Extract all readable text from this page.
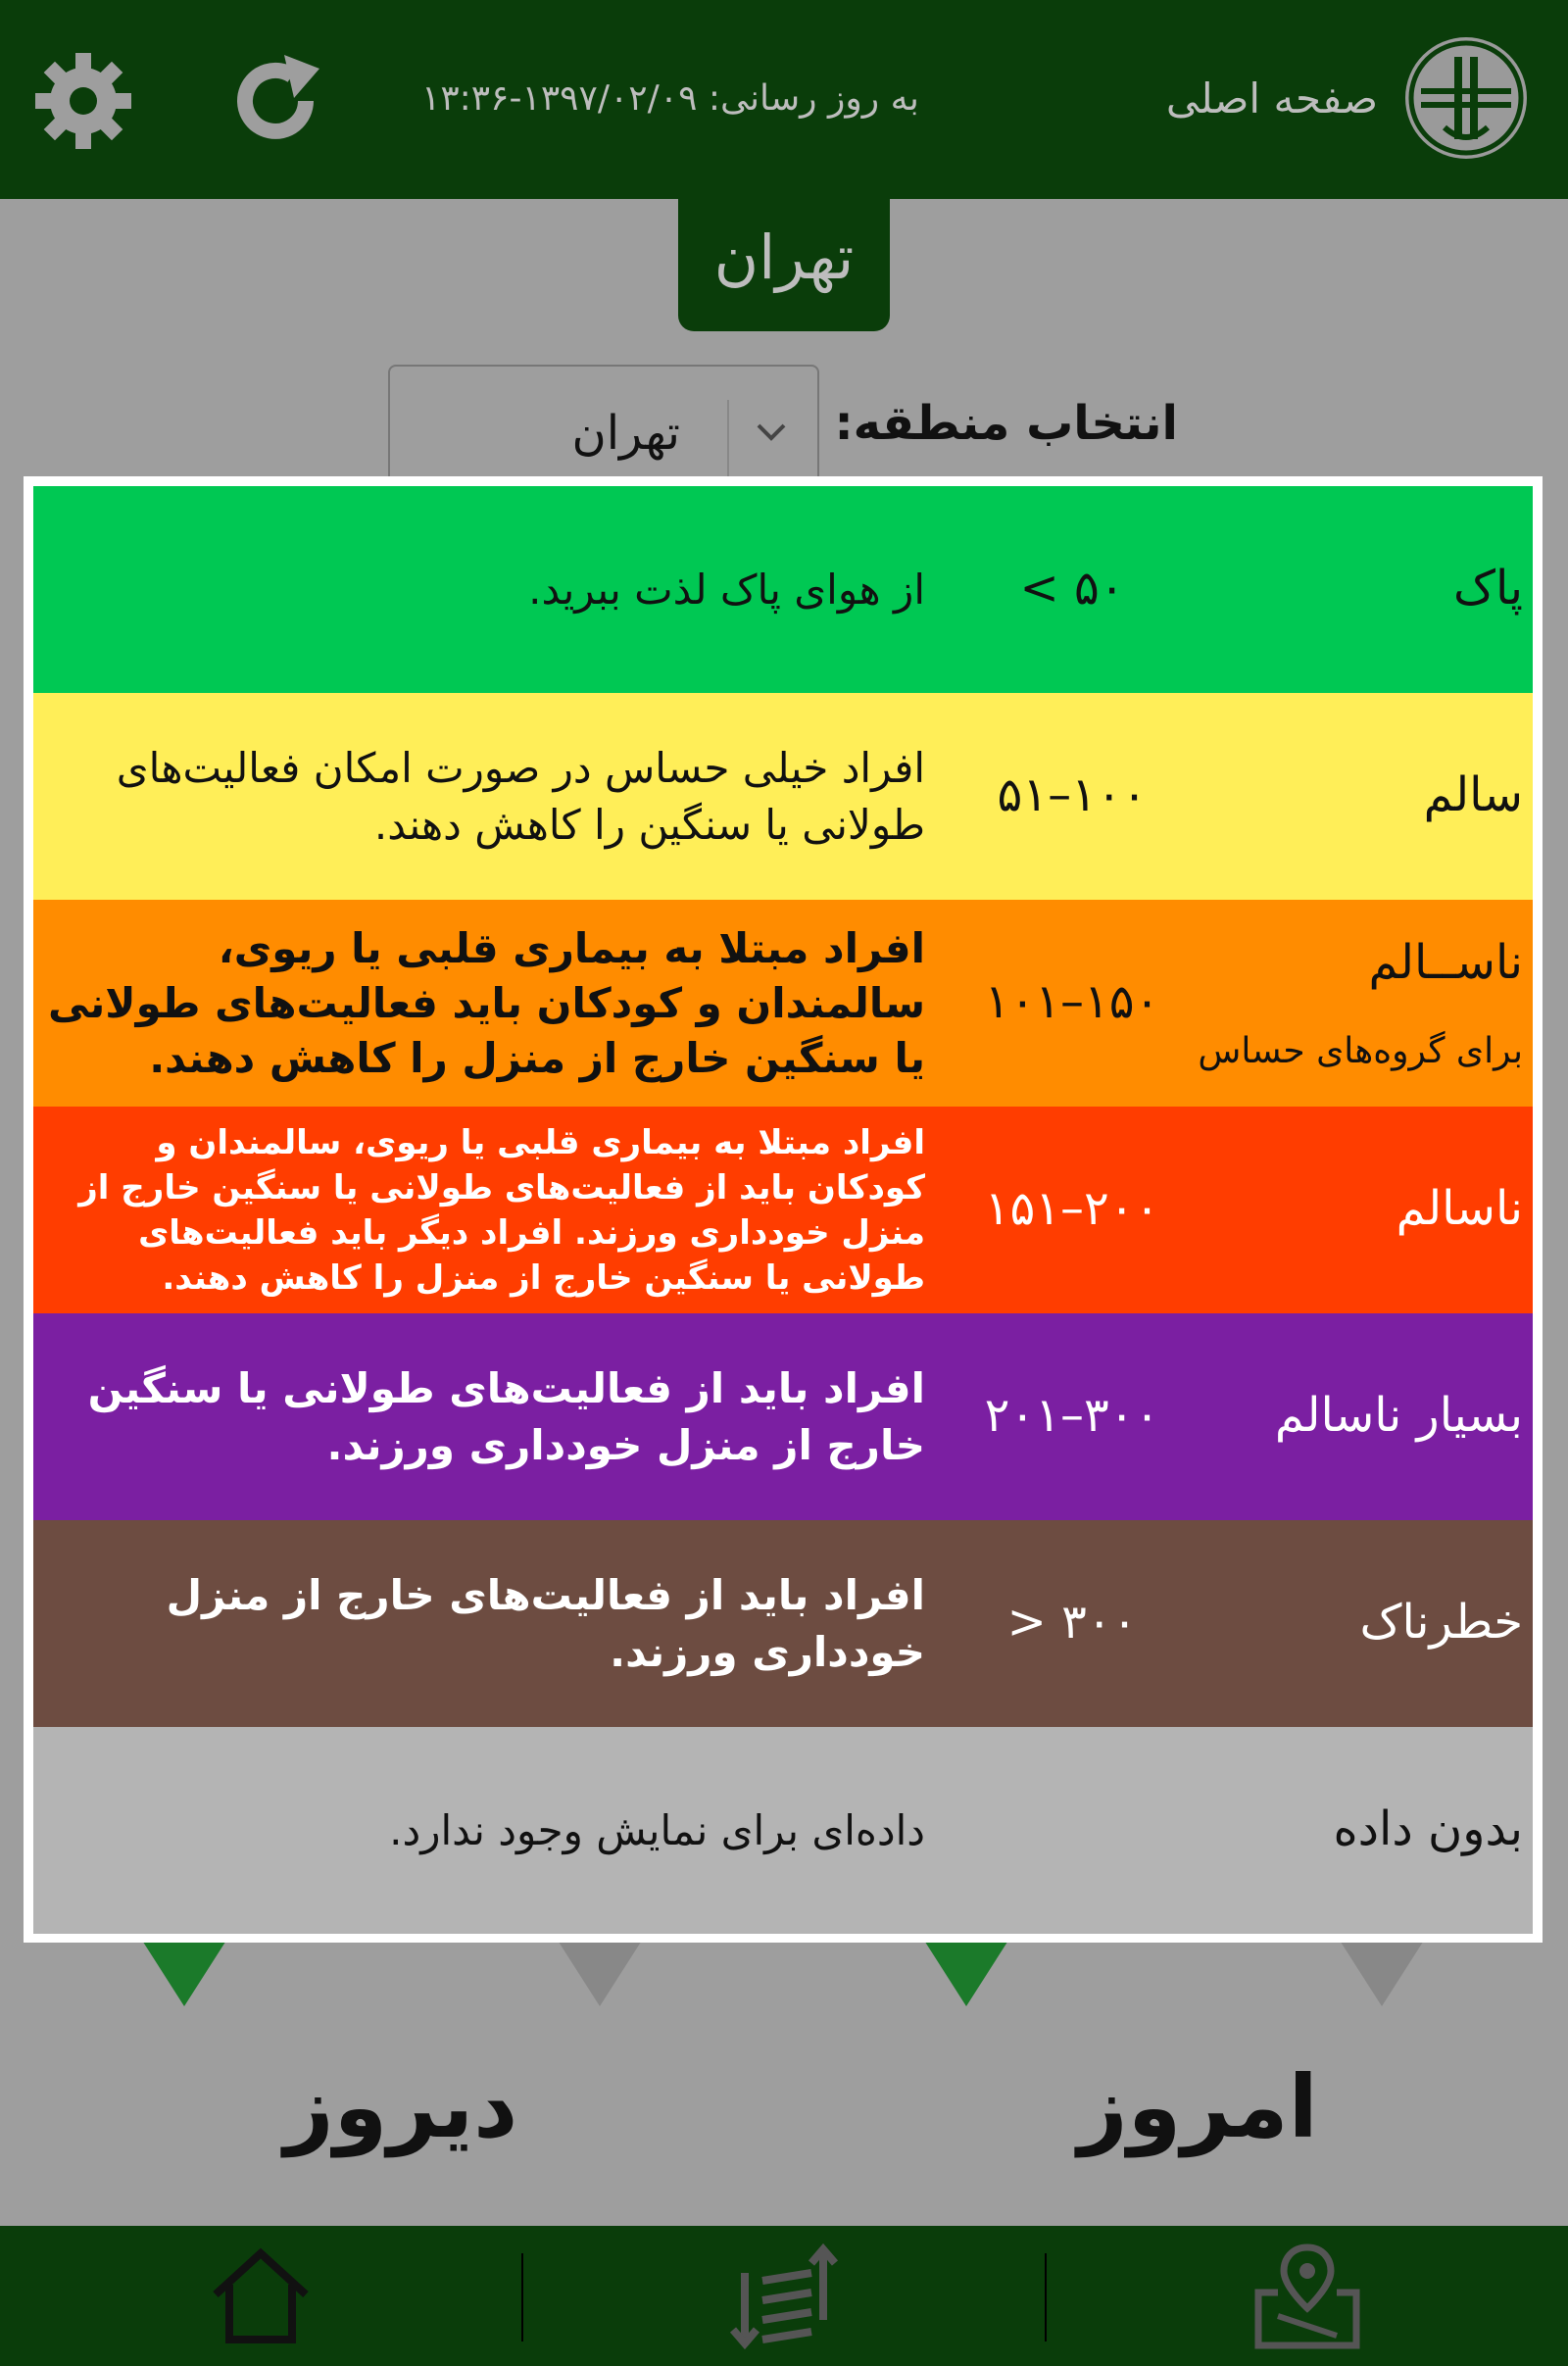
صفحه اصلی
به روز رسانی: ۱۳۹۷/۰۲/۰۹-۱۳:۳۶
تهران
انتخاب منطقه:
تهران
دیروز	امروز
پاک
۵۰ >
از هوای پاک لذت ببرید.
سالم
۱۰۰–۵۱
افراد خیلی حساس در صورت امکان فعالیت‌های
طولانی یا سنگین را کاهش دهند.
ناســالم
برای گروه‌های حساس
۱۵۰–۱۰۱
افراد مبتلا به بیماری قلبی یا ریوی،
سالمندان و کودکان باید فعالیت‌های طولانی
یا سنگین خارج از منزل را کاهش دهند.
ناسالم
۲۰۰–۱۵۱
افراد مبتلا به بیماری قلبی یا ریوی، سالمندان و
کودکان باید از فعالیت‌های طولانی یا سنگین خارج از
منزل خودداری ورزند. افراد دیگر باید فعالیت‌های
طولانی یا سنگین خارج از منزل را کاهش دهند.
بسیار ناسالم
۳۰۰–۲۰۱
افراد باید از فعالیت‌های طولانی یا سنگین
خارج از منزل خودداری ورزند.
خطرناک
۳۰۰ <
افراد باید از فعالیت‌های خارج از منزل
خودداری ورزند.
بدون داده
داده‌ای برای نمایش وجود ندارد.
